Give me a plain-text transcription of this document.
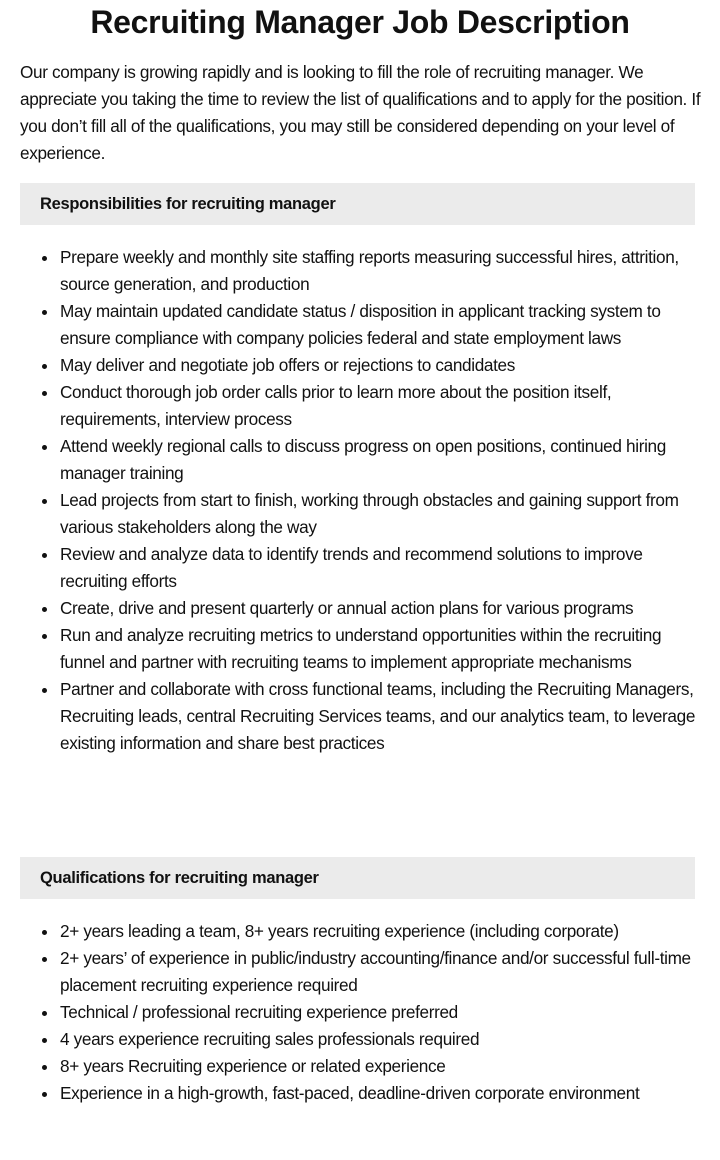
Recruiting Manager Job Description

Our company is growing rapidly and is looking to fill the role of recruiting manager. We appreciate you taking the time to review the list of qualifications and to apply for the position. If you don’t fill all of the qualifications, you may still be considered depending on your level of experience.

Responsibilities for recruiting manager
Prepare weekly and monthly site staffing reports measuring successful hires, attrition, source generation, and production
May maintain updated candidate status / disposition in applicant tracking system to ensure compliance with company policies federal and state employment laws
May deliver and negotiate job offers or rejections to candidates
Conduct thorough job order calls prior to learn more about the position itself, requirements, interview process
Attend weekly regional calls to discuss progress on open positions, continued hiring manager training
Lead projects from start to finish, working through obstacles and gaining support from various stakeholders along the way
Review and analyze data to identify trends and recommend solutions to improve recruiting efforts
Create, drive and present quarterly or annual action plans for various programs
Run and analyze recruiting metrics to understand opportunities within the recruiting funnel and partner with recruiting teams to implement appropriate mechanisms
Partner and collaborate with cross functional teams, including the Recruiting Managers, Recruiting leads, central Recruiting Services teams, and our analytics team, to leverage existing information and share best practices
Qualifications for recruiting manager
2+ years leading a team, 8+ years recruiting experience (including corporate)
2+ years’ of experience in public/industry accounting/finance and/or successful full-time placement recruiting experience required
Technical / professional recruiting experience preferred
4 years experience recruiting sales professionals required
8+ years Recruiting experience or related experience
Experience in a high-growth, fast-paced, deadline-driven corporate environment
